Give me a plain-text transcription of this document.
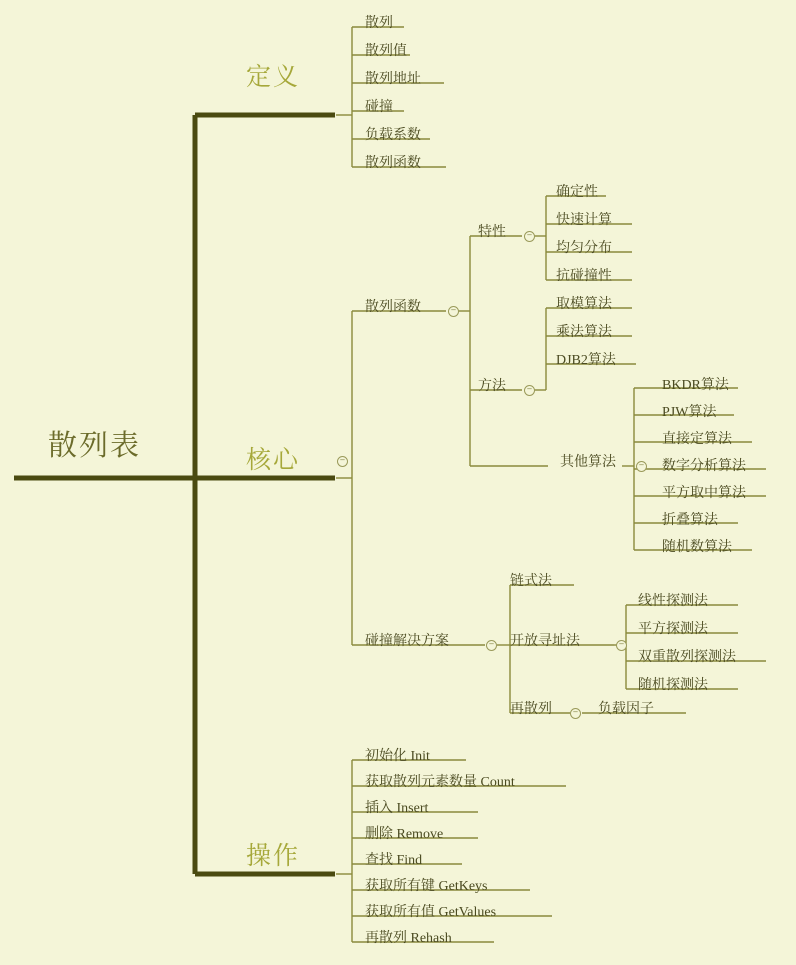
散列表
定义
核心
操作
–
散列
散列值
散列地址
碰撞
负载系数
散列函数
散列函数
–
碰撞解决方案
–
特性
–
方法
–
其他算法
–
确定性
快速计算
均匀分布
抗碰撞性
取模算法
乘法算法
DJB2算法
BKDR算法
PJW算法
直接定算法
数字分析算法
平方取中算法
折叠算法
随机数算法
链式法
开放寻址法
–
再散列 –	负载因子
线性探测法
平方探测法
双重散列探测法
随机探测法
初始化 Init
获取散列元素数量 Count
插入 Insert
删除 Remove
查找 Find
获取所有键 GetKeys
获取所有值 GetValues
再散列 Rehash
